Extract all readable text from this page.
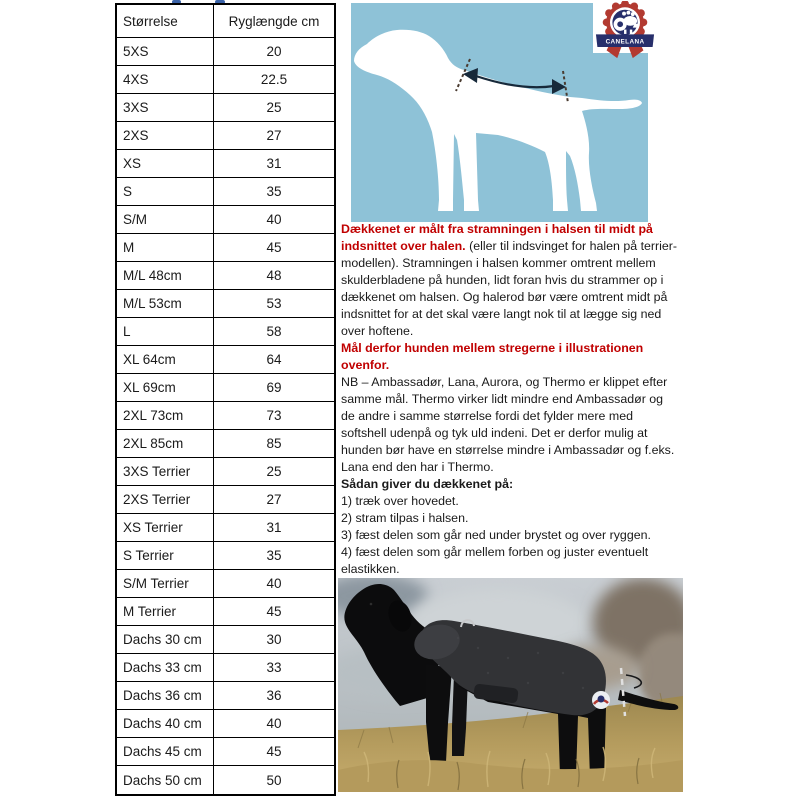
Størrelse	Ryglængde cm
5XS	20
4XS	22.5
3XS	25
2XS	27
XS	31
S	35
S/M	40
M	45
M/L 48cm	48
M/L 53cm	53
L	58
XL 64cm	64
XL 69cm	69
2XL 73cm	73
2XL 85cm	85
3XS Terrier	25
2XS Terrier	27
XS Terrier	31
S Terrier	35
S/M Terrier	40
M Terrier	45
Dachs 30 cm	30
Dachs 33 cm	33
Dachs 36 cm	36
Dachs 40 cm	40
Dachs 45 cm	45
Dachs 50 cm	50
CANELANA

Dækkenet er målt fra stramningen i halsen til midt på indsnittet over halen. (eller til indsvinget for halen på terrier-modellen). Stramningen i halsen kommer omtrent mellem skulderbladene på hunden, lidt foran hvis du strammer op i dækkenet om halsen. Og halerod bør være omtrent midt på indsnittet for at det skal være langt nok til at lægge sig ned over hoftene.

Mål derfor hunden mellem stregerne i illustrationen ovenfor.

NB – Ambassadør, Lana, Aurora, og Thermo er klippet efter samme mål. Thermo virker lidt mindre end Ambassadør og de andre i samme størrelse fordi det fylder mere med softshell udenpå og tyk uld indeni. Det er derfor mulig at hunden bør have en størrelse mindre i Ambassadør og f.eks. Lana end den har i Thermo.

Sådan giver du dækkenet på:

1) træk over hovedet.

2) stram tilpas i halsen.

3) fæst delen som går ned under brystet og over ryggen.

4) fæst delen som går mellem forben og juster eventuelt elastikken.
